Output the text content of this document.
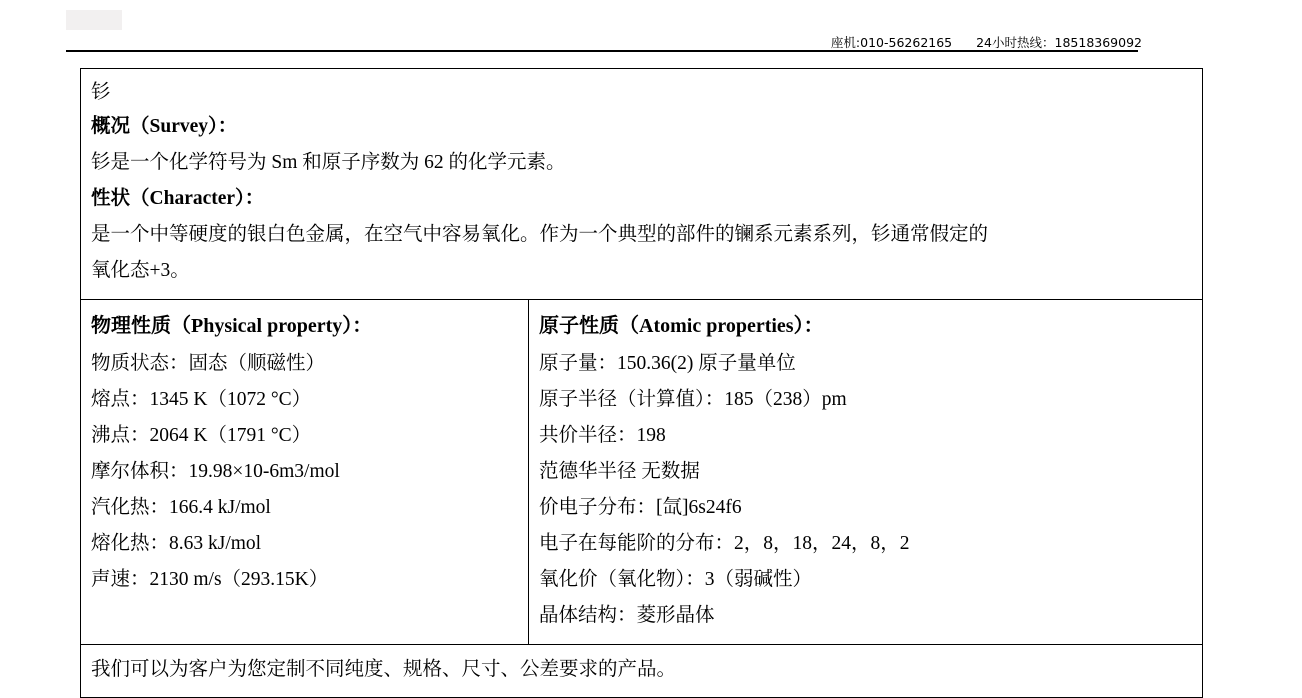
座机:010-56262165 24小时热线：18518369092
钐
概况（Survey）：
钐是一个化学符号为 Sm 和原子序数为 62 的化学元素。
性状（Character）：
是一个中等硬度的银白色金属，在空气中容易氧化。作为一个典型的部件的镧系元素系列，钐通常假定的
氧化态+3。

物理性质（Physical property）：
物质状态：固态（顺磁性）
熔点：1345 K（1072 °C）
沸点：2064 K（1791 °C）
摩尔体积：19.98×10-6m3/mol
汽化热：166.4 kJ/mol
熔化热：8.63 kJ/mol
声速：2130 m/s（293.15K）

原子性质（Atomic properties）：
原子量：150.36(2) 原子量单位
原子半径（计算值）：185（238）pm
共价半径：198
范德华半径 无数据
价电子分布：[氙]6s24f6
电子在每能阶的分布：2，8，18，24，8，2
氧化价（氧化物）：3（弱碱性）
晶体结构：菱形晶体

我们可以为客户为您定制不同纯度、规格、尺寸、公差要求的产品。
